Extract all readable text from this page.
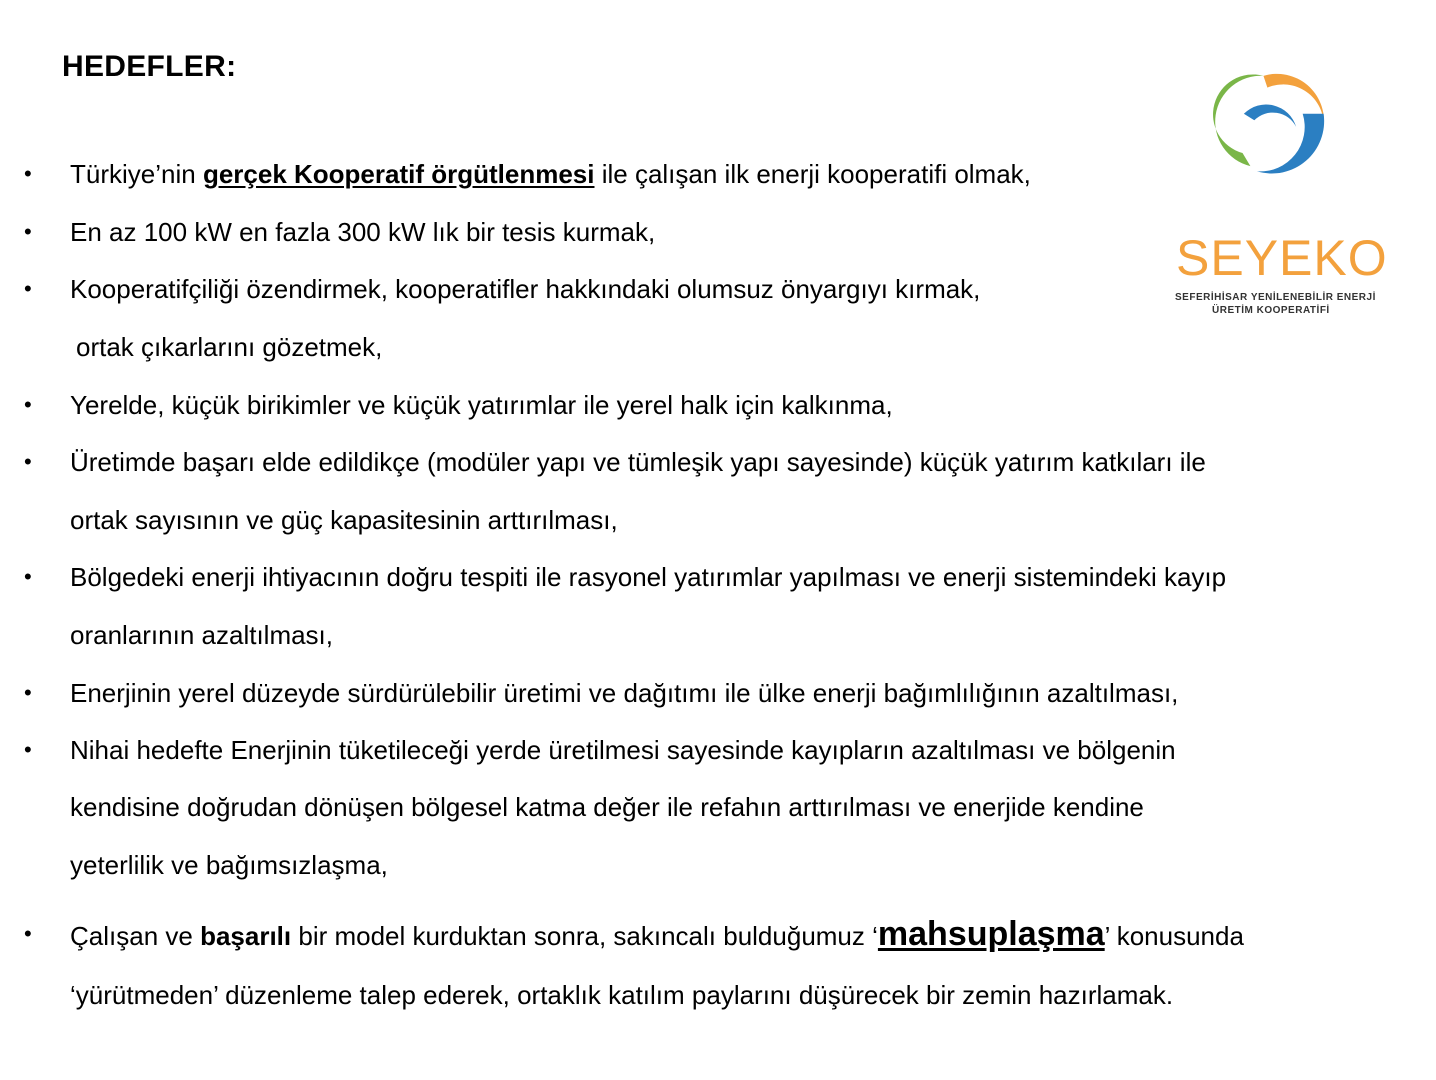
HEDEFLER:
SEYEKO
SEFERİHİSAR YENİLENEBİLİR ENERJİ
ÜRETİM KOOPERATİFİ
• Türkiye’nin gerçek Kooperatif örgütlenmesi ile çalışan ilk enerji kooperatifi olmak,
• En az 100 kW en fazla 300 kW lık bir tesis kurmak,
• Kooperatifçiliği özendirmek, kooperatifler hakkındaki olumsuz önyargıyı kırmak,
ortak çıkarlarını gözetmek,
• Yerelde, küçük birikimler ve küçük yatırımlar ile yerel halk için kalkınma,
• Üretimde başarı elde edildikçe (modüler yapı ve tümleşik yapı sayesinde) küçük yatırım katkıları ile
ortak sayısının ve güç kapasitesinin arttırılması,
• Bölgedeki enerji ihtiyacının doğru tespiti ile rasyonel yatırımlar yapılması ve enerji sistemindeki kayıp
oranlarının azaltılması,
• Enerjinin yerel düzeyde sürdürülebilir üretimi ve dağıtımı ile ülke enerji bağımlılığının azaltılması,
• Nihai hedefte Enerjinin tüketileceği yerde üretilmesi sayesinde kayıpların azaltılması ve bölgenin
kendisine doğrudan dönüşen bölgesel katma değer ile refahın arttırılması ve enerjide kendine
yeterlilik ve bağımsızlaşma,
• Çalışan ve başarılı bir model kurduktan sonra, sakıncalı bulduğumuz ‘mahsuplaşma’ konusunda
‘yürütmeden’ düzenleme talep ederek, ortaklık katılım paylarını düşürecek bir zemin hazırlamak.
